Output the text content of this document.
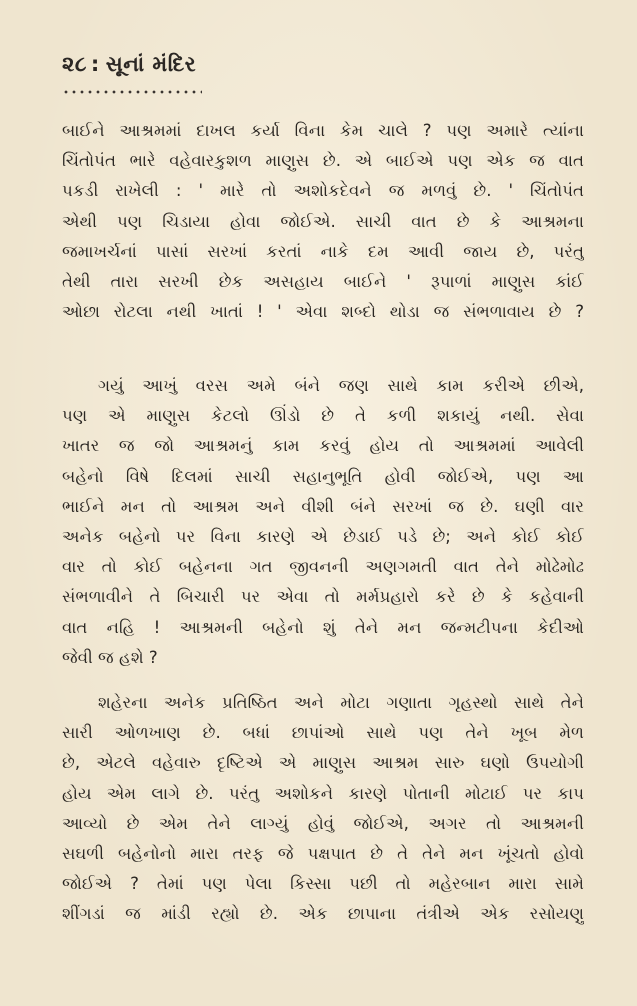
૨૮ : સૂનાં મંદિર
બાઈને આશ્રમમાં દાખલ કર્યા વિના કેમ ચાલે ? પણ અમારે ત્યાંના
ચિંતોપંત ભારે વહેવારકુશળ માણુસ છે. એ બાઈએ પણ એક જ વાત
પકડી રાખેલી : ' મારે તો અશોકદેવને જ મળવું છે. ' ચિંતોપંત
એથી પણ ચિડાયા હોવા જોઈએ. સાચી વાત છે કે આશ્રમના
જમાખર્ચનાં પાસાં સરખાં કરતાં નાકે દમ આવી જાય છે, પરંતુ
તેથી તારા સરખી છેક અસહાય બાઈને ' રૂપાળાં માણુસ કાંઈ
ઓછા રોટલા નથી ખાતાં ! ' એવા શબ્દો થોડા જ સંભળાવાય છે ?
ગયું આખું વરસ અમે બંને જણ સાથે કામ કરીએ છીએ,
પણ એ માણુસ કેટલો ઊંડો છે તે કળી શકાયું નથી. સેવા
ખાતર જ જો આશ્રમનું કામ કરવું હોય તો આશ્રમમાં આવેલી
બહેનો વિષે દિલમાં સાચી સહાનુભૂતિ હોવી જોઈએ, પણ આ
ભાઈને મન તો આશ્રમ અને વીશી બંને સરખાં જ છે. ઘણી વાર
અનેક બહેનો પર વિના કારણે એ છેડાઈ પડે છે; અને કોઈ કોઈ
વાર તો કોઈ બહેનના ગત જીવનની અણગમતી વાત તેને મોઢેમોઢ
સંભળાવીને તે બિચારી પર એવા તો મર્મપ્રહારો કરે છે કે કહેવાની
વાત નહિ ! આશ્રમની બહેનો શું તેને મન જન્મટીપના કેદીઓ
જેવી જ હશે ?
શહેરના અનેક પ્રતિષ્ઠિત અને મોટા ગણાતા ગૃહસ્થો સાથે તેને
સારી ઓળખાણ છે. બધાં છાપાંઓ સાથે પણ તેને ખૂબ મેળ
છે, એટલે વહેવારુ દૃષ્ટિએ એ માણુસ આશ્રમ સારુ ઘણો ઉપયોગી
હોય એમ લાગે છે. પરંતુ અશોકને કારણે પોતાની મોટાઈ પર કાપ
આવ્યો છે એમ તેને લાગ્યું હોવું જોઈએ, અગર તો આશ્રમની
સઘળી બહેનોનો મારા તરફ જે પક્ષપાત છે તે તેને મન ખૂંચતો હોવો
જોઈએ ? તેમાં પણ પેલા કિસ્સા પછી તો મહેરબાન મારા સામે
શીંગડાં જ માંડી રહ્યો છે. એક છાપાના તંત્રીએ એક રસોયણુ
